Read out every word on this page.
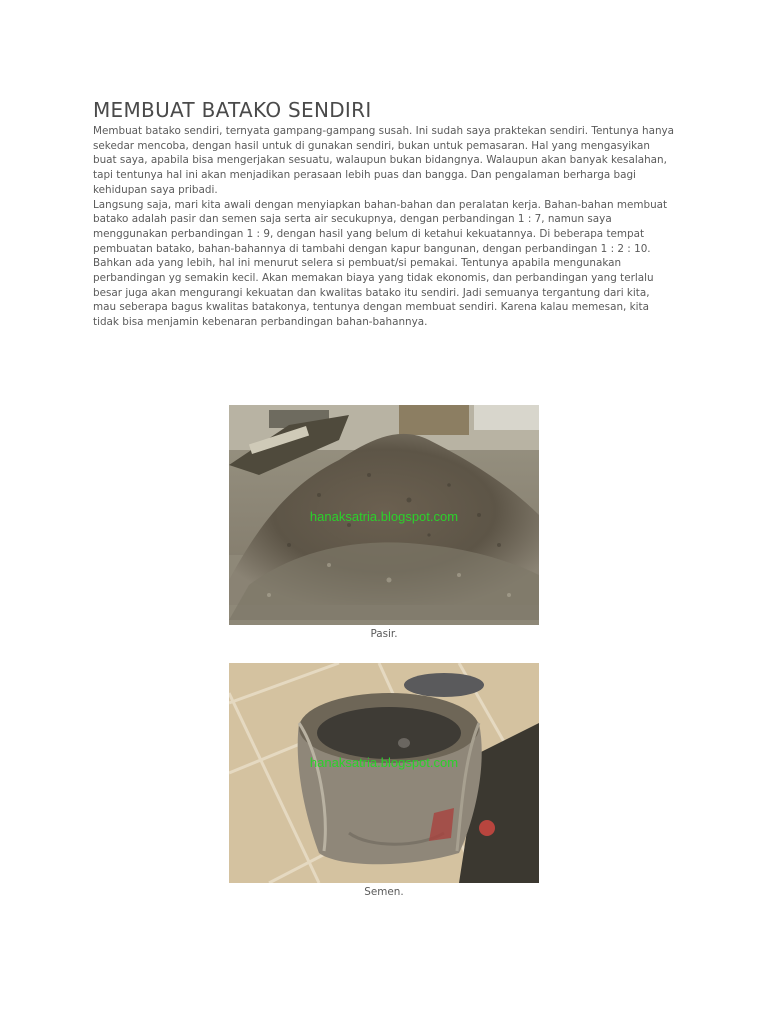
MEMBUAT BATAKO SENDIRI

Membuat batako sendiri, ternyata gampang-gampang susah. Ini sudah saya praktekan sendiri. Tentunya hanya sekedar mencoba, dengan hasil untuk di gunakan sendiri, bukan untuk pemasaran. Hal yang mengasyikan buat saya, apabila bisa mengerjakan sesuatu, walaupun bukan bidangnya. Walaupun akan banyak kesalahan, tapi tentunya hal ini akan menjadikan perasaan lebih puas dan bangga. Dan pengalaman berharga bagi kehidupan saya pribadi.

Langsung saja, mari kita awali dengan menyiapkan bahan-bahan dan peralatan kerja. Bahan-bahan membuat batako adalah pasir dan semen saja serta air secukupnya, dengan perbandingan 1 : 7, namun saya menggunakan perbandingan 1 : 9, dengan hasil yang belum di ketahui kekuatannya. Di beberapa tempat pembuatan batako, bahan-bahannya di tambahi dengan kapur bangunan, dengan perbandingan 1 : 2 : 10. Bahkan ada yang lebih, hal ini menurut selera si pembuat/si pemakai. Tentunya apabila mengunakan perbandingan yg semakin kecil. Akan memakan biaya yang tidak ekonomis, dan perbandingan yang terlalu besar juga akan mengurangi kekuatan dan kwalitas batako itu sendiri. Jadi semuanya tergantung dari kita, mau seberapa bagus kwalitas batakonya, tentunya dengan membuat sendiri. Karena kalau memesan, kita tidak bisa menjamin kebenaran perbandingan bahan-bahannya.

hanaksatria.blogspot.com
Pasir.
hanaksatria.blogspot.com
Semen.
